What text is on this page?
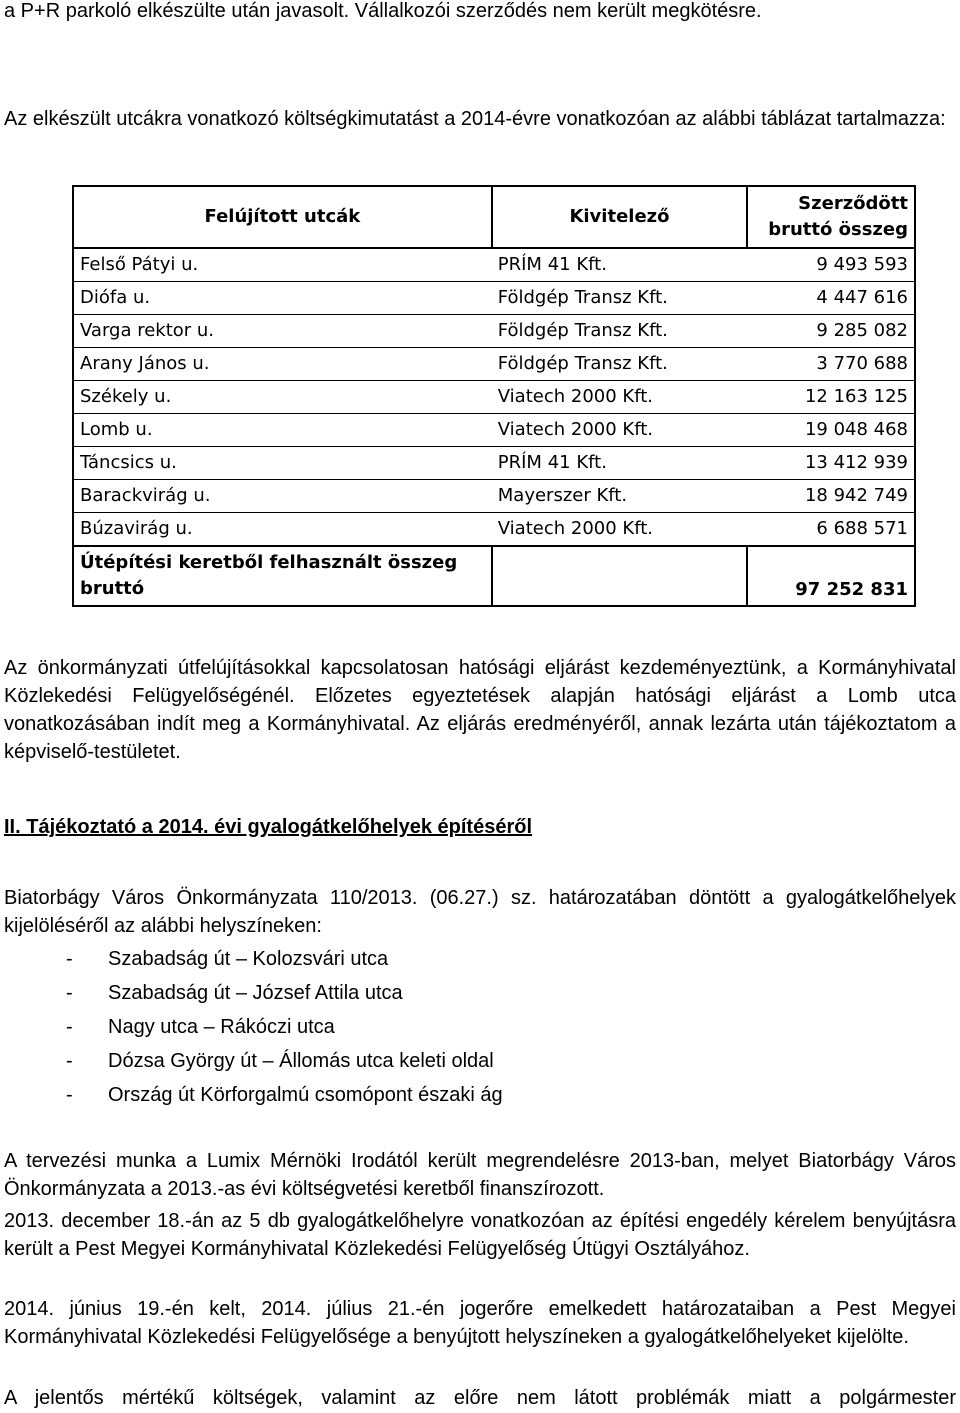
a P+R parkoló elkészülte után javasolt. Vállalkozói szerződés nem került megkötésre.

Az elkészült utcákra vonatkozó költségkimutatást a 2014-évre vonatkozóan az alábbi táblázat tartalmazza:

Felújított utcák	Kivitelező	Szerződött bruttó összeg
Felső Pátyi u.	PRÍM 41 Kft.	9 493 593
Diófa u.	Földgép Transz Kft.	4 447 616
Varga rektor u.	Földgép Transz Kft.	9 285 082
Arany János u.	Földgép Transz Kft.	3 770 688
Székely u.	Viatech 2000 Kft.	12 163 125
Lomb u.	Viatech 2000 Kft.	19 048 468
Táncsics u.	PRÍM 41 Kft.	13 412 939
Barackvirág u.	Mayerszer Kft.	18 942 749
Búzavirág u.	Viatech 2000 Kft.	6 688 571
Útépítési keretből felhasznált összeg bruttó		97 252 831

Az önkormányzati útfelújításokkal kapcsolatosan hatósági eljárást kezdeményeztünk, a Kormányhivatal Közlekedési Felügyelőségénél. Előzetes egyeztetések alapján hatósági eljárást a Lomb utca vonatkozásában indít meg a Kormányhivatal. Az eljárás eredményéről, annak lezárta után tájékoztatom a képviselő-testületet.

II. Tájékoztató a 2014. évi gyalogátkelőhelyek építéséről

Biatorbágy Város Önkormányzata 110/2013. (06.27.) sz. határozatában döntött a gyalogátkelőhelyek kijelöléséről az alábbi helyszíneken:

- Szabadság út – Kolozsvári utca
- Szabadság út – József Attila utca
- Nagy utca – Rákóczi utca
- Dózsa György út – Állomás utca keleti oldal
- Ország út Körforgalmú csomópont északi ág

A tervezési munka a Lumix Mérnöki Irodától került megrendelésre 2013-ban, melyet Biatorbágy Város Önkormányzata a 2013.-as évi költségvetési keretből finanszírozott.

2013. december 18.-án az 5 db gyalogátkelőhelyre vonatkozóan az építési engedély kérelem benyújtásra került a Pest Megyei Kormányhivatal Közlekedési Felügyelőség Útügyi Osztályához.

2014. június 19.-én kelt, 2014. július 21.-én jogerőre emelkedett határozataiban a Pest Megyei Kormányhivatal Közlekedési Felügyelősége a benyújtott helyszíneken a gyalogátkelőhelyeket kijelölte.

A jelentős mértékű költségek, valamint az előre nem látott problémák miatt a polgármester
